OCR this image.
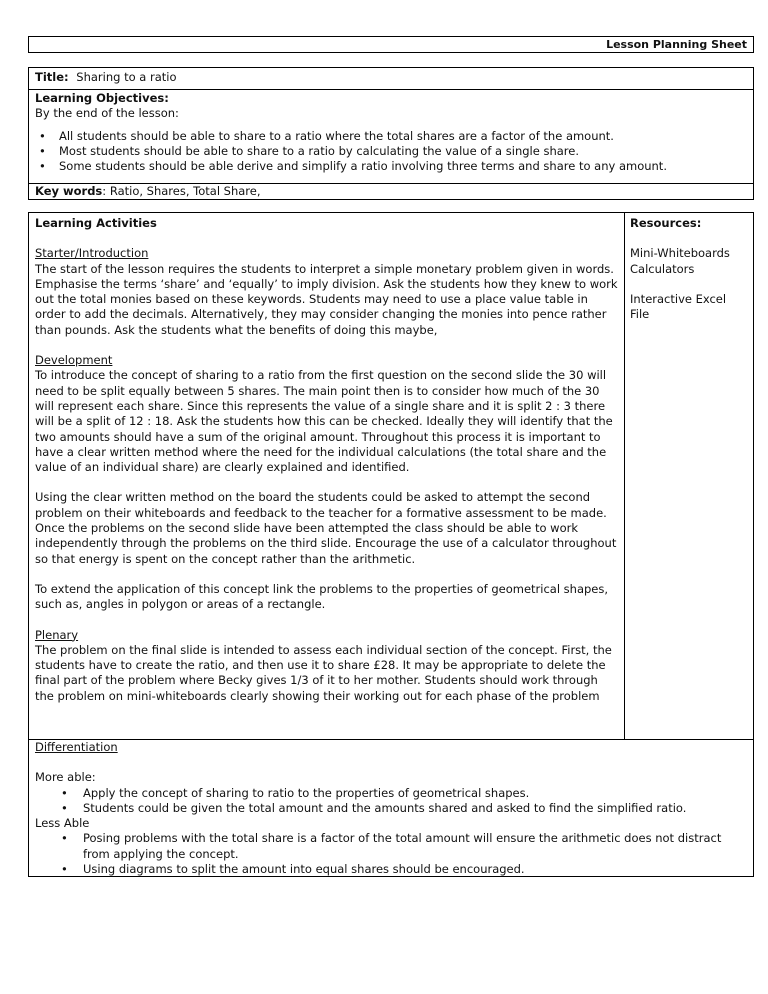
Lesson Planning Sheet
Title: Sharing to a ratio

Learning Objectives:

By the end of the lesson:

• All students should be able to share to a ratio where the total shares are a factor of the amount.
• Most students should be able to share to a ratio by calculating the value of a single share.
• Some students should be able derive and simplify a ratio involving three terms and share to any amount.
Key words: Ratio, Shares, Total Share,

Learning Activities

Starter/Introduction

The start of the lesson requires the students to interpret a simple monetary problem given in words. Emphasise the terms ‘share’ and ‘equally’ to imply division. Ask the students how they knew to work out the total monies based on these keywords. Students may need to use a place value table in order to add the decimals. Alternatively, they may consider changing the monies into pence rather than pounds. Ask the students what the benefits of doing this maybe,

Development

To introduce the concept of sharing to a ratio from the first question on the second slide the 30 will need to be split equally between 5 shares. The main point then is to consider how much of the 30 will represent each share. Since this represents the value of a single share and it is split 2 : 3 there will be a split of 12 : 18. Ask the students how this can be checked. Ideally they will identify that the two amounts should have a sum of the original amount. Throughout this process it is important to have a clear written method where the need for the individual calculations (the total share and the value of an individual share) are clearly explained and identified.

Using the clear written method on the board the students could be asked to attempt the second problem on their whiteboards and feedback to the teacher for a formative assessment to be made. Once the problems on the second slide have been attempted the class should be able to work independently through the problems on the third slide. Encourage the use of a calculator throughout so that energy is spent on the concept rather than the arithmetic.

To extend the application of this concept link the problems to the properties of geometrical shapes, such as, angles in polygon or areas of a rectangle.

Plenary

The problem on the final slide is intended to assess each individual section of the concept. First, the students have to create the ratio, and then use it to share £28. It may be appropriate to delete the final part of the problem where Becky gives 1/3 of it to her mother. Students should work through the problem on mini-whiteboards clearly showing their working out for each phase of the problem

Resources:

Mini-Whiteboards

Calculators

Interactive Excel File

Differentiation

More able:

• Apply the concept of sharing to ratio to the properties of geometrical shapes.
• Students could be given the total amount and the amounts shared and asked to find the simplified ratio.

Less Able

• Posing problems with the total share is a factor of the total amount will ensure the arithmetic does not distract from applying the concept.
• Using diagrams to split the amount into equal shares should be encouraged.
